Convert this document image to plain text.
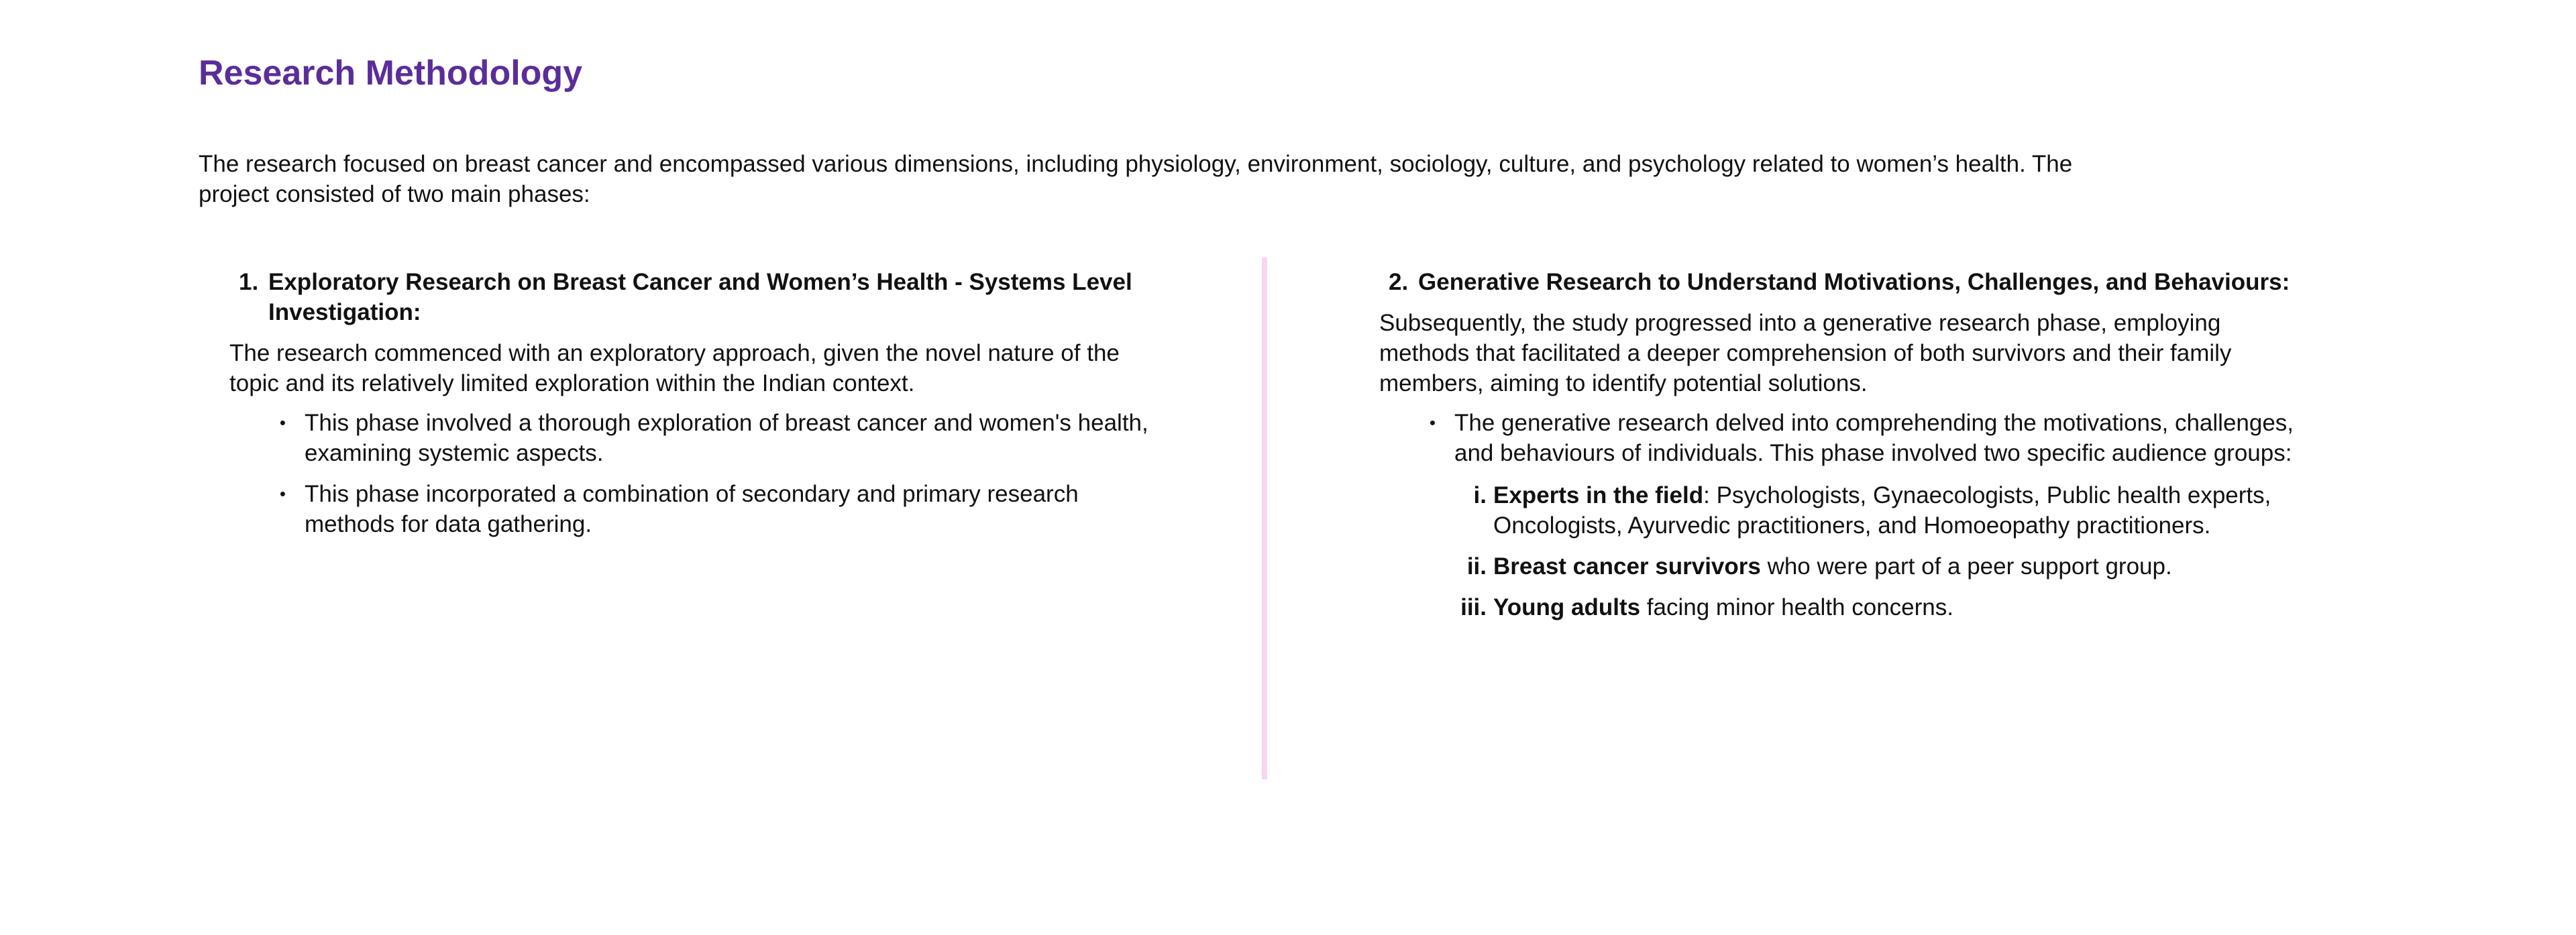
Research Methodology

The research focused on breast cancer and encompassed various dimensions, including physiology, environment, sociology, culture, and psychology related to women’s health. The project consisted of two main phases:

1. Exploratory Research on Breast Cancer and Women’s Health - Systems Level Investigation:

The research commenced with an exploratory approach, given the novel nature of the topic and its relatively limited exploration within the Indian context.

• This phase involved a thorough exploration of breast cancer and women's health, examining systemic aspects.
• This phase incorporated a combination of secondary and primary research methods for data gathering.
2. Generative Research to Understand Motivations, Challenges, and Behaviours:

Subsequently, the study progressed into a generative research phase, employing methods that facilitated a deeper comprehension of both survivors and their family members, aiming to identify potential solutions.

• The generative research delved into comprehending the motivations, challenges, and behaviours of individuals. This phase involved two specific audience groups:
i. Experts in the field: Psychologists, Gynaecologists, Public health experts, Oncologists, Ayurvedic practitioners, and Homoeopathy practitioners.
ii. Breast cancer survivors who were part of a peer support group.
iii. Young adults facing minor health concerns.
